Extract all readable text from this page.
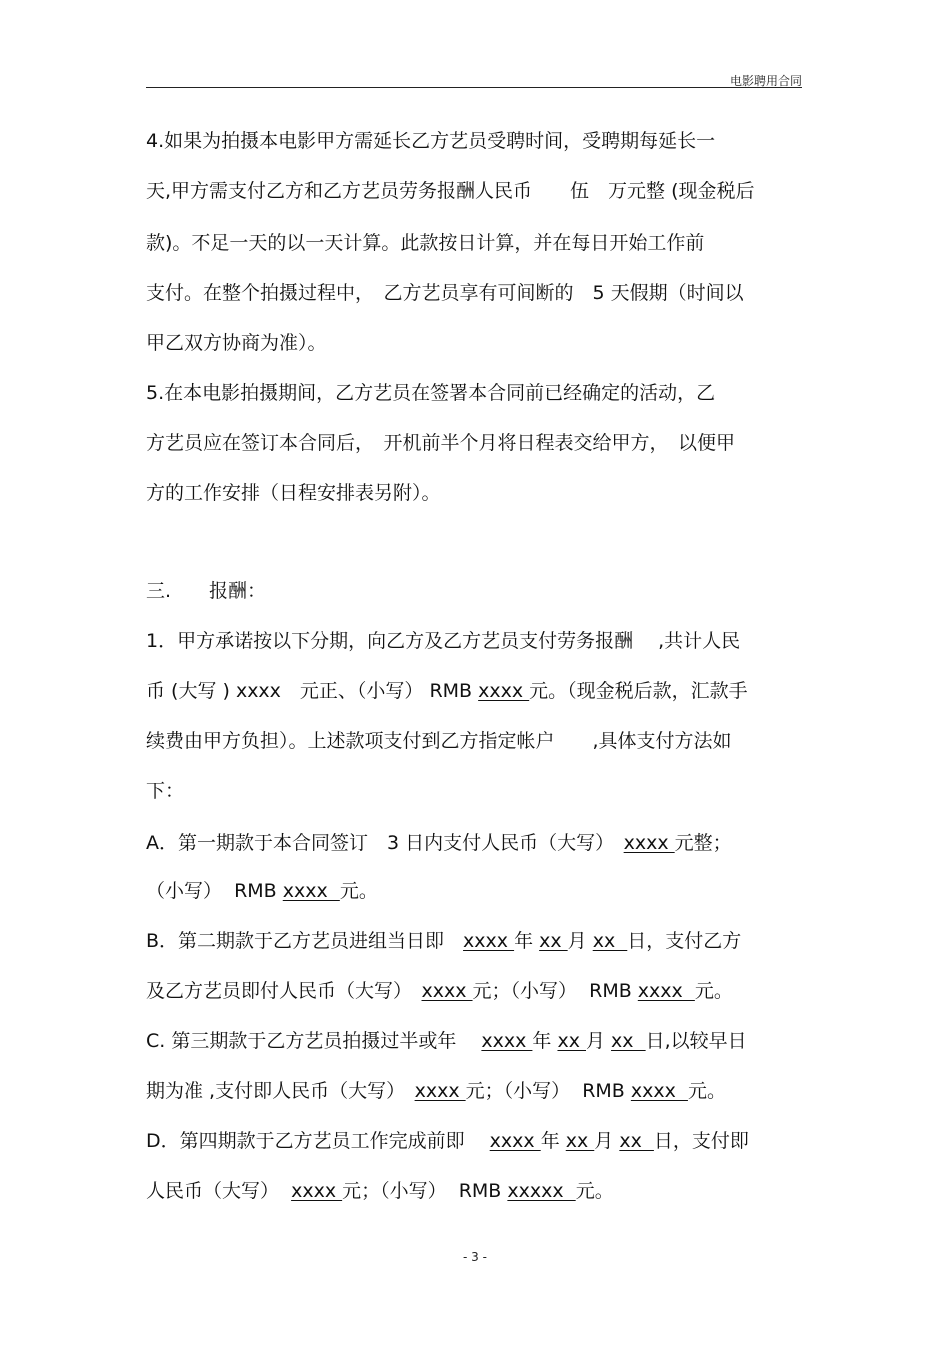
电影聘用合同
4.如果为拍摄本电影甲方需延长乙方艺员受聘时间，受聘期每延长一
天,甲方需支付乙方和乙方艺员劳务报酬人民币　　伍　万元整 (现金税后
款)。不足一天的以一天计算。此款按日计算，并在每日开始工作前
支付。在整个拍摄过程中，　乙方艺员享有可间断的　5 天假期（时间以
甲乙双方协商为准）。
5.在本电影拍摄期间，乙方艺员在签署本合同前已经确定的活动，乙
方艺员应在签订本合同后，　开机前半个月将日程表交给甲方，　以便甲
方的工作安排（日程安排表另附）。
三.　　报酬：
1．甲方承诺按以下分期，向乙方及乙方艺员支付劳务报酬　 ,共计人民
币 (大写 ) xxxx　元正、（小写） RMB xxxx 元。（现金税后款，汇款手
续费由甲方负担）。上述款项支付到乙方指定帐户　　,具体支付方法如
下：
A．第一期款于本合同签订　3 日内支付人民币（大写）　xxxx 元整；
（小写）  RMB xxxx  元。
B．第二期款于乙方艺员进组当日即　xxxx 年 xx 月 xx  日，支付乙方
及乙方艺员即付人民币（大写）　xxxx 元；（小写）  RMB xxxx  元。
C. 第三期款于乙方艺员拍摄过半或年　 xxxx 年 xx 月 xx  日,以较早日
期为准 ,支付即人民币（大写）　xxxx 元；（小写）  RMB xxxx  元。
D．第四期款于乙方艺员工作完成前即　 xxxx 年 xx 月 xx  日，支付即
人民币（大写）  xxxx 元；（小写）  RMB xxxxx  元。
- 3 -
